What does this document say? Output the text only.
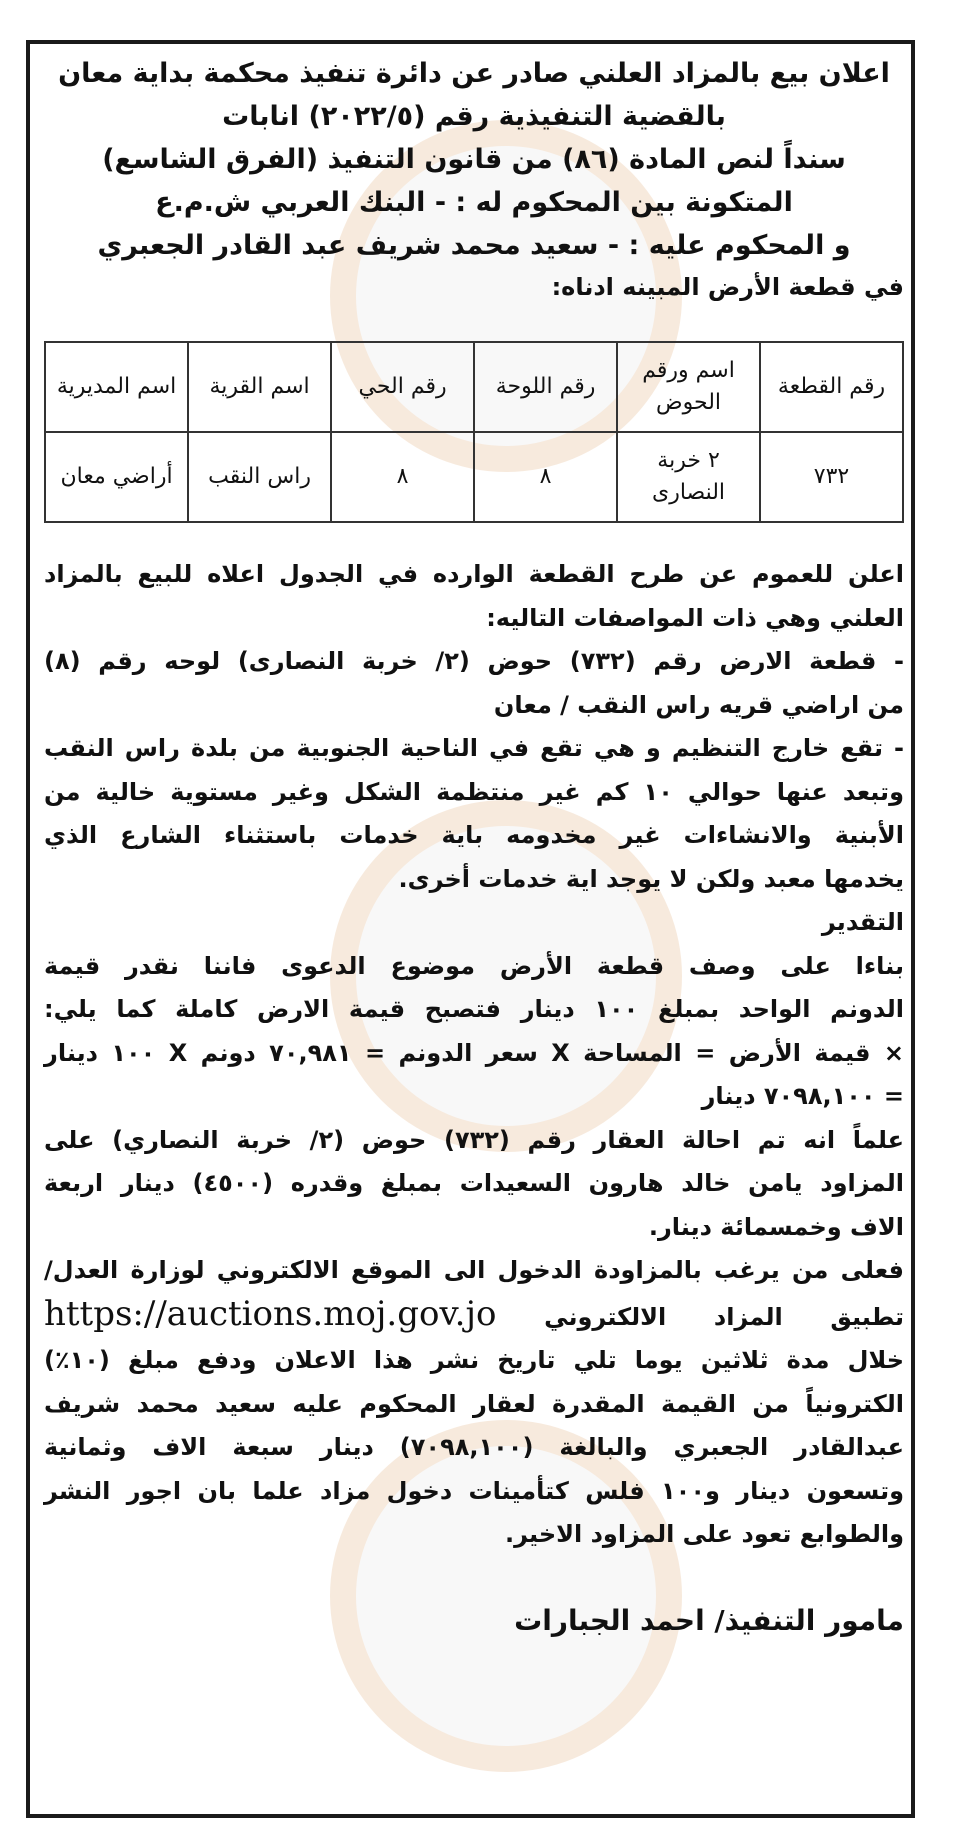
اعلان بيع بالمزاد العلني صادر عن دائرة تنفيذ محكمة بداية معان

بالقضية التنفيذية رقم (٢٠٢٢/٥) انابات

سنداً لنص المادة (٨٦) من قانون التنفيذ (الفرق الشاسع)

المتكونة بين المحكوم له : - البنك العربي ش.م.ع

و المحكوم عليه : - سعيد محمد شريف عبد القادر الجعبري

في قطعة الأرض المبينه ادناه:

رقم القطعة	اسم ورقم الحوض	رقم اللوحة	رقم الحي	اسم القرية	اسم المديرية
٧٣٢	٢ خربة النصارى	٨	٨	راس النقب	أراضي معان

اعلن للعموم عن طرح القطعة الوارده في الجدول اعلاه للبيع بالمزاد

العلني وهي ذات المواصفات التاليه:

- قطعة الارض رقم (٧٣٢) حوض (٢/ خربة النصارى) لوحه رقم (٨)

من اراضي قريه راس النقب / معان

- تقع خارج التنظيم و هي تقع في الناحية الجنوبية من بلدة راس النقب

وتبعد عنها حوالي ١٠ كم غير منتظمة الشكل وغير مستوية خالية من

الأبنية والانشاءات غير مخدومه باية خدمات باستثناء الشارع الذي

يخدمها معبد ولكن لا يوجد اية خدمات أخرى.

التقدير

بناءا على وصف قطعة الأرض موضوع الدعوى فاننا نقدر قيمة

الدونم الواحد بمبلغ ١٠٠ دينار فتصبح قيمة الارض كاملة كما يلي:

× قيمة الأرض = المساحة X سعر الدونم = ٧٠,٩٨١ دونم X ١٠٠ دينار

= ٧٠٩٨,١٠٠ دينار

علماً انه تم احالة العقار رقم (٧٣٢) حوض (٢/ خربة النصاري) على

المزاود يامن خالد هارون السعيدات بمبلغ وقدره (٤٥٠٠) دينار اربعة

الاف وخمسمائة دينار.

فعلى من يرغب بالمزاودة الدخول الى الموقع الالكتروني لوزارة العدل/

تطبيق المزاد الالكتروني https://auctions.moj.gov.jo

خلال مدة ثلاثين يوما تلي تاريخ نشر هذا الاعلان ودفع مبلغ (١٠٪)

الكترونياً من القيمة المقدرة لعقار المحكوم عليه سعيد محمد شريف

عبدالقادر الجعبري والبالغة (٧٠٩٨,١٠٠) دينار سبعة الاف وثمانية

وتسعون دينار و١٠٠ فلس كتأمينات دخول مزاد علما بان اجور النشر

والطوابع تعود على المزاود الاخير.

مامور التنفيذ/ احمد الجبارات
